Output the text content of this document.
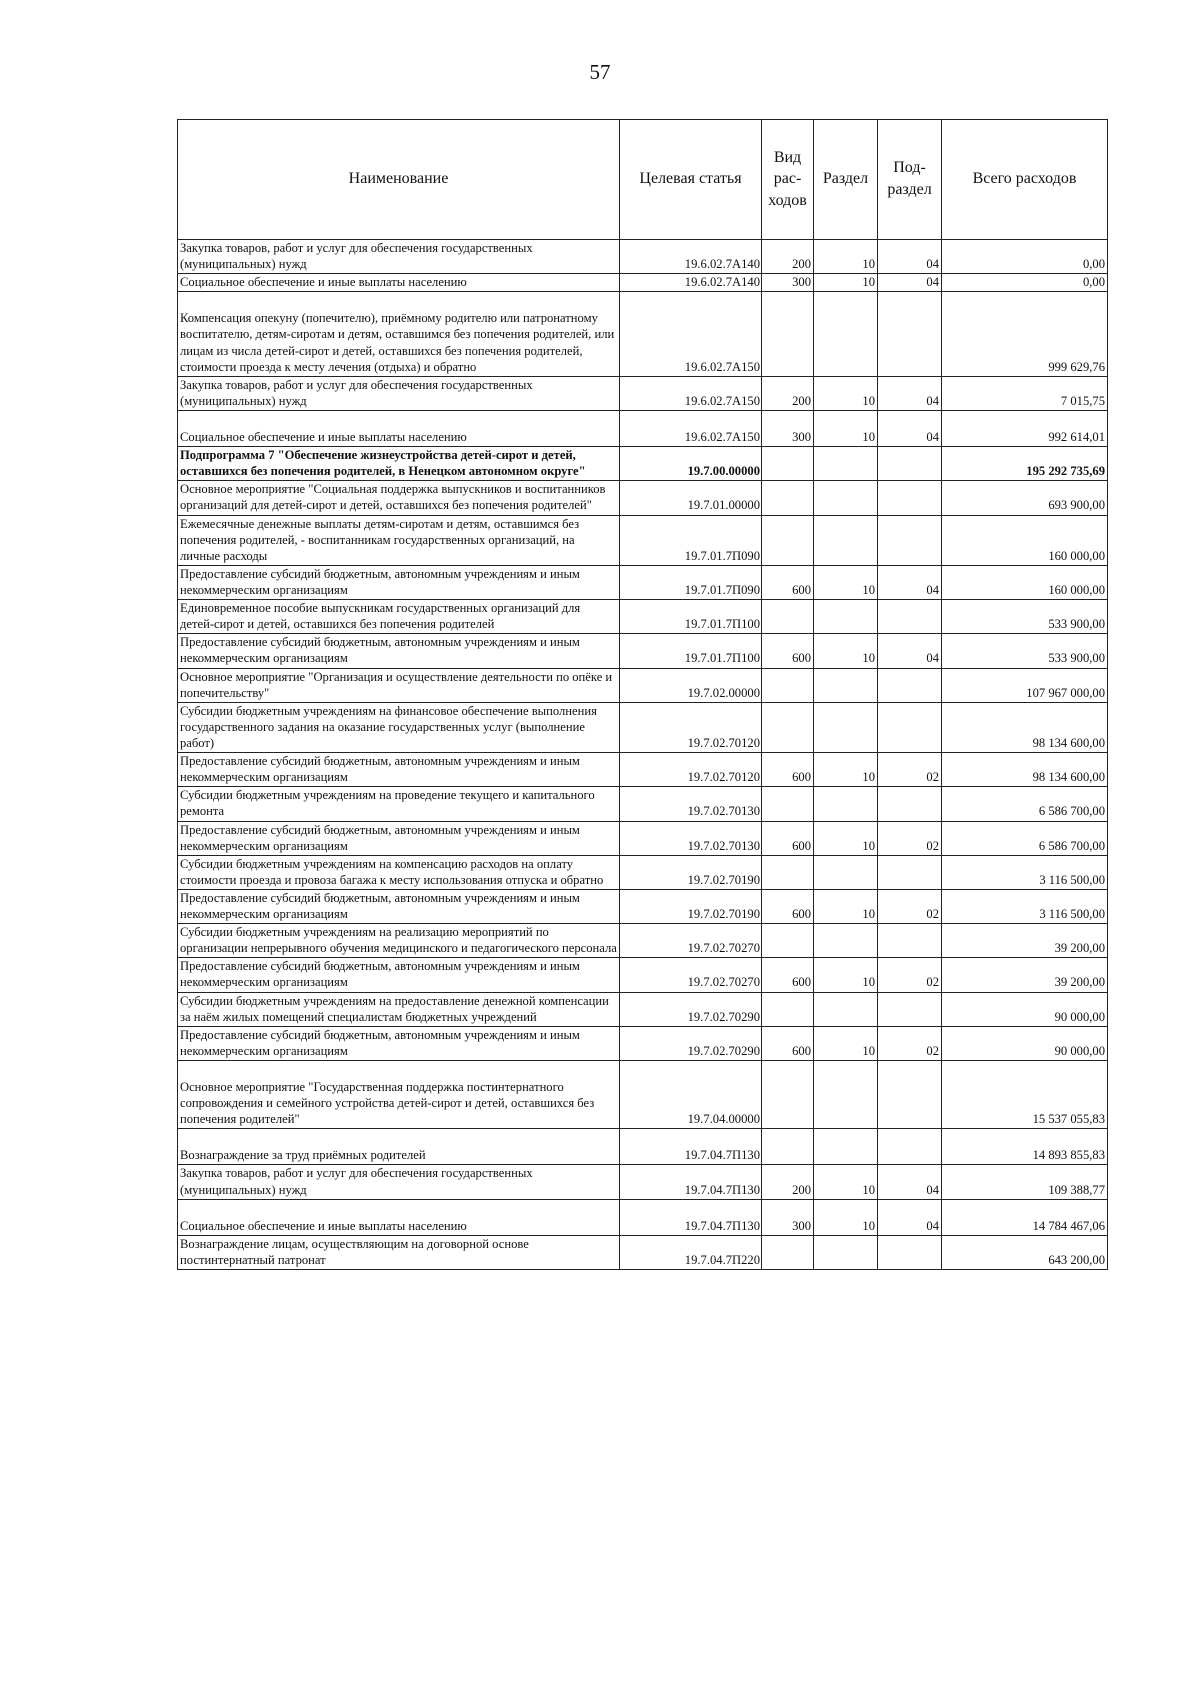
57
Наименование	Целевая статья	Вид рас-ходов	Раздел	Под-раздел	Всего расходов
Закупка товаров, работ и услуг для обеспечения государственных (муниципальных) нужд	19.6.02.7А140	200	10	04	0,00
Социальное обеспечение и иные выплаты населению	19.6.02.7А140	300	10	04	0,00
Компенсация опекуну (попечителю), приёмному родителю или патронатному воспитателю, детям-сиротам и детям, оставшимся без попечения родителей, или лицам из числа детей-сирот и детей, оставшихся без попечения родителей, стоимости проезда к месту лечения (отдыха) и обратно	19.6.02.7А150				999 629,76
Закупка товаров, работ и услуг для обеспечения государственных (муниципальных) нужд	19.6.02.7А150	200	10	04	7 015,75
Социальное обеспечение и иные выплаты населению	19.6.02.7А150	300	10	04	992 614,01
Подпрограмма 7 "Обеспечение жизнеустройства детей-сирот и детей, оставшихся без попечения родителей, в Ненецком автономном округе"	19.7.00.00000				195 292 735,69
Основное мероприятие "Социальная поддержка выпускников и воспитанников организаций для детей-сирот и детей, оставшихся без попечения родителей"	19.7.01.00000				693 900,00
Ежемесячные денежные выплаты детям-сиротам и детям, оставшимся без попечения родителей, - воспитанникам государственных организаций, на личные расходы	19.7.01.7П090				160 000,00
Предоставление субсидий бюджетным, автономным учреждениям и иным некоммерческим организациям	19.7.01.7П090	600	10	04	160 000,00
Единовременное пособие выпускникам государственных организаций для детей-сирот и детей, оставшихся без попечения родителей	19.7.01.7П100				533 900,00
Предоставление субсидий бюджетным, автономным учреждениям и иным некоммерческим организациям	19.7.01.7П100	600	10	04	533 900,00
Основное мероприятие "Организация и осуществление деятельности по опёке и попечительству"	19.7.02.00000				107 967 000,00
Субсидии бюджетным учреждениям на финансовое обеспечение выполнения государственного задания на оказание государственных услуг (выполнение работ)	19.7.02.70120				98 134 600,00
Предоставление субсидий бюджетным, автономным учреждениям и иным некоммерческим организациям	19.7.02.70120	600	10	02	98 134 600,00
Субсидии бюджетным учреждениям на проведение текущего и капитального ремонта	19.7.02.70130				6 586 700,00
Предоставление субсидий бюджетным, автономным учреждениям и иным некоммерческим организациям	19.7.02.70130	600	10	02	6 586 700,00
Субсидии бюджетным учреждениям на компенсацию расходов на оплату стоимости проезда и провоза багажа к месту использования отпуска и обратно	19.7.02.70190				3 116 500,00
Предоставление субсидий бюджетным, автономным учреждениям и иным некоммерческим организациям	19.7.02.70190	600	10	02	3 116 500,00
Субсидии бюджетным учреждениям на реализацию мероприятий по организации непрерывного обучения медицинского и педагогического персонала	19.7.02.70270				39 200,00
Предоставление субсидий бюджетным, автономным учреждениям и иным некоммерческим организациям	19.7.02.70270	600	10	02	39 200,00
Субсидии бюджетным учреждениям на предоставление денежной компенсации за наём жилых помещений специалистам бюджетных учреждений	19.7.02.70290				90 000,00
Предоставление субсидий бюджетным, автономным учреждениям и иным некоммерческим организациям	19.7.02.70290	600	10	02	90 000,00
Основное мероприятие "Государственная поддержка постинтернатного сопровождения и семейного устройства детей-сирот и детей, оставшихся без попечения родителей"	19.7.04.00000				15 537 055,83
Вознаграждение за труд приёмных родителей	19.7.04.7П130				14 893 855,83
Закупка товаров, работ и услуг для обеспечения государственных (муниципальных) нужд	19.7.04.7П130	200	10	04	109 388,77
Социальное обеспечение и иные выплаты населению	19.7.04.7П130	300	10	04	14 784 467,06
Вознаграждение лицам, осуществляющим на договорной основе постинтернатный патронат	19.7.04.7П220				643 200,00
